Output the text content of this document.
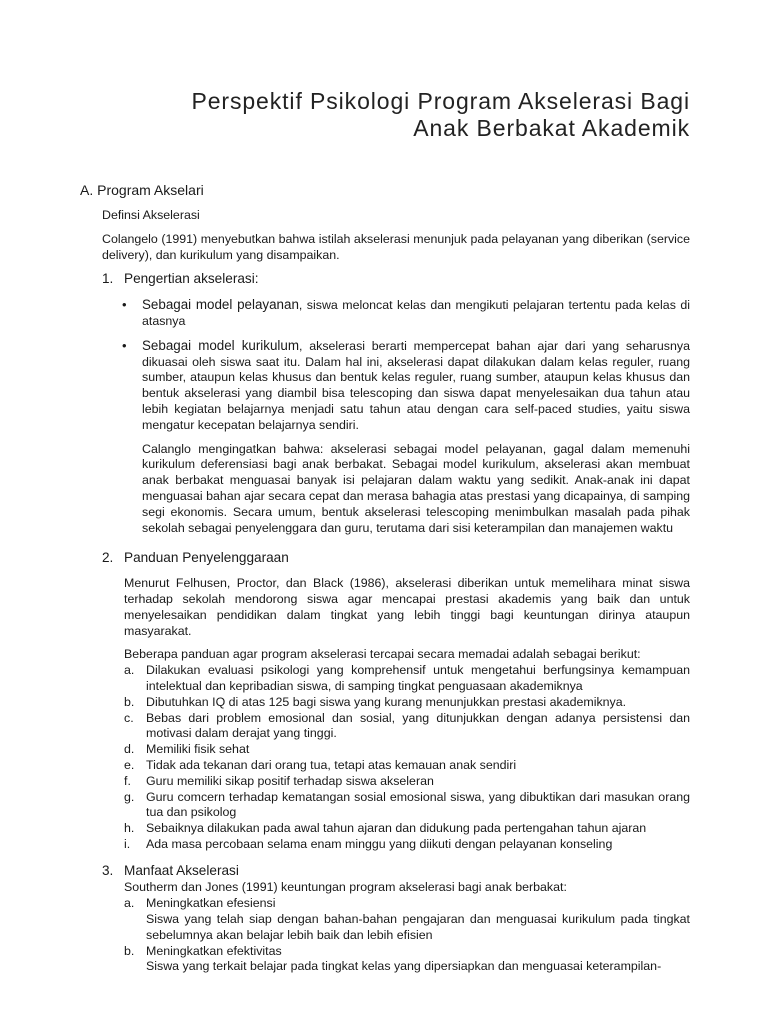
Perspektif Psikologi Program Akselerasi Bagi
Anak Berbakat Akademik
A. Program Akselari
Definsi Akselerasi
Colangelo (1991) menyebutkan bahwa istilah akselerasi menunjuk pada pelayanan yang diberikan (service delivery), dan kurikulum yang disampaikan.
1. Pengertian akselerasi:
•	Sebagai model pelayanan, siswa meloncat kelas dan mengikuti pelajaran tertentu pada kelas di atasnya
•	Sebagai model kurikulum, akselerasi berarti mempercepat bahan ajar dari yang seharusnya dikuasai oleh siswa saat itu. Dalam hal ini, akselerasi dapat dilakukan dalam kelas reguler, ruang sumber, ataupun kelas khusus dan bentuk kelas reguler, ruang sumber, ataupun kelas khusus dan bentuk akselerasi yang diambil bisa telescoping dan siswa dapat menyelesaikan dua tahun atau lebih kegiatan belajarnya menjadi satu tahun atau dengan cara self-paced studies, yaitu siswa mengatur kecepatan belajarnya sendiri.
Calanglo mengingatkan bahwa: akselerasi sebagai model pelayanan, gagal dalam memenuhi kurikulum deferensiasi bagi anak berbakat. Sebagai model kurikulum, akselerasi akan membuat anak berbakat menguasai banyak isi pelajaran dalam waktu yang sedikit. Anak-anak ini dapat menguasai bahan ajar secara cepat dan merasa bahagia atas prestasi yang dicapainya, di samping segi ekonomis. Secara umum, bentuk akselerasi telescoping menimbulkan masalah pada pihak sekolah sebagai penyelenggara dan guru, terutama dari sisi keterampilan dan manajemen waktu
2. Panduan Penyelenggaraan
Menurut Felhusen, Proctor, dan Black (1986), akselerasi diberikan untuk memelihara minat siswa terhadap sekolah mendorong siswa agar mencapai prestasi akademis yang baik dan untuk menyelesaikan pendidikan dalam tingkat yang lebih tinggi bagi keuntungan dirinya ataupun masyarakat.
Beberapa panduan agar program akselerasi tercapai secara memadai adalah sebagai berikut:
a. Dilakukan evaluasi psikologi yang komprehensif untuk mengetahui berfungsinya kemampuan intelektual dan kepribadian siswa, di samping tingkat penguasaan akademiknya
b. Dibutuhkan IQ di atas 125 bagi siswa yang kurang menunjukkan prestasi akademiknya.
c. Bebas dari problem emosional dan sosial, yang ditunjukkan dengan adanya persistensi dan motivasi dalam derajat yang tinggi.
d. Memiliki fisik sehat
e. Tidak ada tekanan dari orang tua, tetapi atas kemauan anak sendiri
f.	Guru memiliki sikap positif terhadap siswa akseleran
g. Guru comcern terhadap kematangan sosial emosional siswa, yang dibuktikan dari masukan orang tua dan psikolog
h. Sebaiknya dilakukan pada awal tahun ajaran dan didukung pada pertengahan tahun ajaran
i.	Ada masa percobaan selama enam minggu yang diikuti dengan pelayanan konseling
3. Manfaat Akselerasi
Southerm dan Jones (1991) keuntungan program akselerasi bagi anak berbakat:
a. Meningkatkan efesiensi
Siswa yang telah siap dengan bahan-bahan pengajaran dan menguasai kurikulum pada tingkat sebelumnya akan belajar lebih baik dan lebih efisien
b. Meningkatkan efektivitas
Siswa yang terkait belajar pada tingkat kelas yang dipersiapkan dan menguasai keterampilan-
